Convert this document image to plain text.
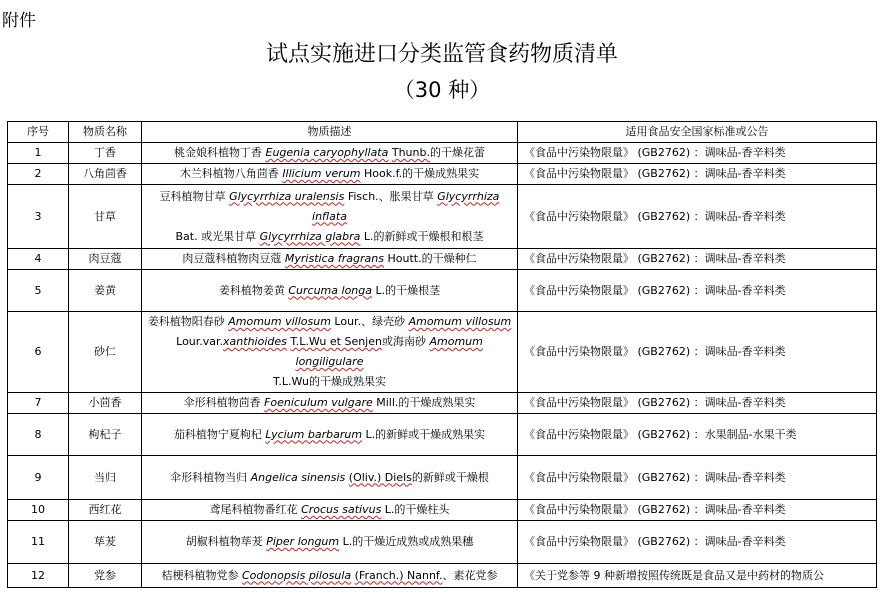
附件
试点实施进口分类监管食药物质清单
（30 种）
序号	物质名称	物质描述	适用食品安全国家标准或公告
1	丁香	桃金娘科植物丁香 Eugenia caryophyllata Thunb.的干燥花蕾	《食品中污染物限量》 (GB2762) ：调味品-香辛料类
2	八角茴香	木兰科植物八角茴香 Illicium verum Hook.f.的干燥成熟果实	《食品中污染物限量》 (GB2762) ：调味品-香辛料类
3	甘草	豆科植物甘草 Glycyrrhiza uralensis Fisch.、胀果甘草 Glycyrrhiza inflata
Bat. 或光果甘草 Glycyrrhiza glabra L.的新鲜或干燥根和根茎	《食品中污染物限量》 (GB2762) ：调味品-香辛料类
4	肉豆蔻	肉豆蔻科植物肉豆蔻 Myristica fragrans Houtt.的干燥种仁	《食品中污染物限量》 (GB2762) ：调味品-香辛料类
5	姜黄	姜科植物姜黄 Curcuma longa L.的干燥根茎	《食品中污染物限量》 (GB2762) ：调味品-香辛料类
6	砂仁	姜科植物阳春砂 Amomum villosum Lour.、绿壳砂 Amomum villosum
Lour.var.xanthioides T.L.Wu et Senjen或海南砂 Amomum longiligulare
T.L.Wu的干燥成熟果实	《食品中污染物限量》 (GB2762) ：调味品-香辛料类
7	小茴香	伞形科植物茴香 Foeniculum vulgare Mill.的干燥成熟果实	《食品中污染物限量》 (GB2762) ：调味品-香辛料类
8	枸杞子	茄科植物宁夏枸杞 Lycium barbarum L.的新鲜或干燥成熟果实	《食品中污染物限量》 (GB2762) ：水果制品-水果干类
9	当归	伞形科植物当归 Angelica sinensis (Oliv.) Diels的新鲜或干燥根	《食品中污染物限量》 (GB2762) ：调味品-香辛料类
10	西红花	鸢尾科植物番红花 Crocus sativus L.的干燥柱头	《食品中污染物限量》 (GB2762) ：调味品-香辛料类
11	荜茇	胡椒科植物荜茇 Piper longum L.的干燥近成熟或成熟果穗	《食品中污染物限量》 (GB2762) ：调味品-香辛料类
12	党参	桔梗科植物党参 Codonopsis pilosula (Franch.) Nannf.、素花党参	《关于党参等 9 种新增按照传统既是食品又是中药材的物质公
